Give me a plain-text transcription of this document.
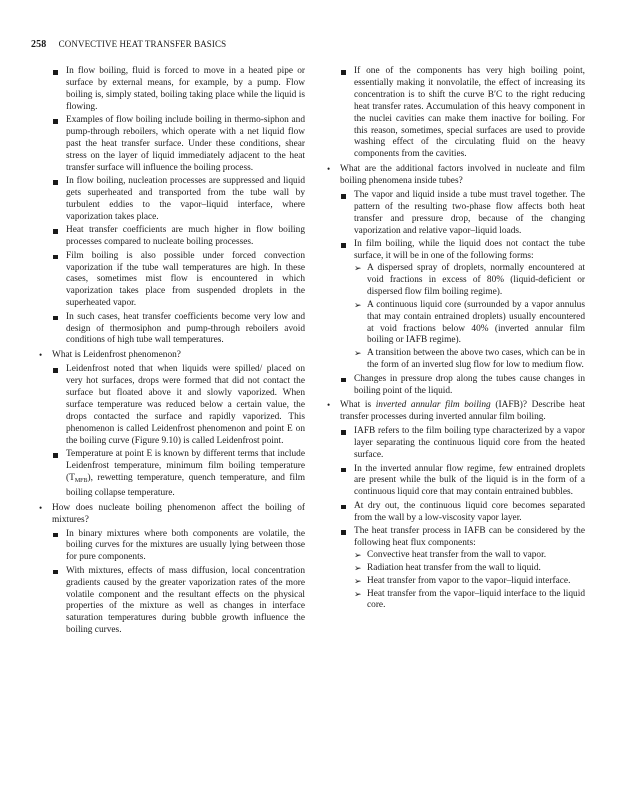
258 CONVECTIVE HEAT TRANSFER BASICS
In flow boiling, fluid is forced to move in a heated pipe or surface by external means, for example, by a pump. Flow boiling is, simply stated, boiling taking place while the liquid is flowing.
Examples of flow boiling include boiling in thermo-siphon and pump-through reboilers, which operate with a net liquid flow past the heat transfer surface. Under these conditions, shear stress on the layer of liquid immediately adjacent to the heat transfer surface will influence the boiling process.
In flow boiling, nucleation processes are suppressed and liquid gets superheated and transported from the tube wall by turbulent eddies to the vapor–liquid interface, where vaporization takes place.
Heat transfer coefficients are much higher in flow boiling processes compared to nucleate boiling processes.
Film boiling is also possible under forced convection vaporization if the tube wall temperatures are high. In these cases, sometimes mist flow is encountered in which vaporization takes place from suspended droplets in the superheated vapor.
In such cases, heat transfer coefficients become very low and design of thermosiphon and pump-through reboilers avoid conditions of high tube wall temperatures.
• What is Leidenfrost phenomenon?
Leidenfrost noted that when liquids were spilled/ placed on very hot surfaces, drops were formed that did not contact the surface but floated above it and slowly vaporized. When surface temperature was reduced below a certain value, the drops contacted the surface and rapidly vaporized. This phenomenon is called Leidenfrost phenomenon and point E on the boiling curve (Figure 9.10) is called Leidenfrost point.
Temperature at point E is known by different terms that include Leidenfrost temperature, minimum film boiling temperature $(T_{MFB})$, rewetting temperature, quench temperature, and film boiling collapse temperature.
• How does nucleate boiling phenomenon affect the boiling of mixtures?
In binary mixtures where both components are volatile, the boiling curves for the mixtures are usually lying between those for pure components.
With mixtures, effects of mass diffusion, local concentration gradients caused by the greater vaporization rates of the more volatile component and the resultant effects on the physical properties of the mixture as well as changes in interface saturation temperatures during bubble growth influence the boiling curves.
If one of the components has very high boiling point, essentially making it nonvolatile, the effect of increasing its concentration is to shift the curve B′C to the right reducing heat transfer rates. Accumulation of this heavy component in the nuclei cavities can make them inactive for boiling. For this reason, sometimes, special surfaces are used to provide washing effect of the circulating fluid on the heavy components from the cavities.
• What are the additional factors involved in nucleate and film boiling phenomena inside tubes?
The vapor and liquid inside a tube must travel together. The pattern of the resulting two-phase flow affects both heat transfer and pressure drop, because of the changing vaporization and relative vapor–liquid loads.
In film boiling, while the liquid does not contact the tube surface, it will be in one of the following forms:
➢ A dispersed spray of droplets, normally encountered at void fractions in excess of 80% (liquid-deficient or dispersed flow film boiling regime).
➢ A continuous liquid core (surrounded by a vapor annulus that may contain entrained droplets) usually encountered at void fractions below 40% (inverted annular film boiling or IAFB regime).
➢ A transition between the above two cases, which can be in the form of an inverted slug flow for low to medium flow.
Changes in pressure drop along the tubes cause changes in boiling point of the liquid.
• What is inverted annular film boiling (IAFB)? Describe heat transfer processes during inverted annular film boiling.
IAFB refers to the film boiling type characterized by a vapor layer separating the continuous liquid core from the heated surface.
In the inverted annular flow regime, few entrained droplets are present while the bulk of the liquid is in the form of a continuous liquid core that may contain entrained bubbles.
At dry out, the continuous liquid core becomes separated from the wall by a low-viscosity vapor layer.
The heat transfer process in IAFB can be considered by the following heat flux components:
➢ Convective heat transfer from the wall to vapor.
➢ Radiation heat transfer from the wall to liquid.
➢ Heat transfer from vapor to the vapor–liquid interface.
➢ Heat transfer from the vapor–liquid interface to the liquid core.
